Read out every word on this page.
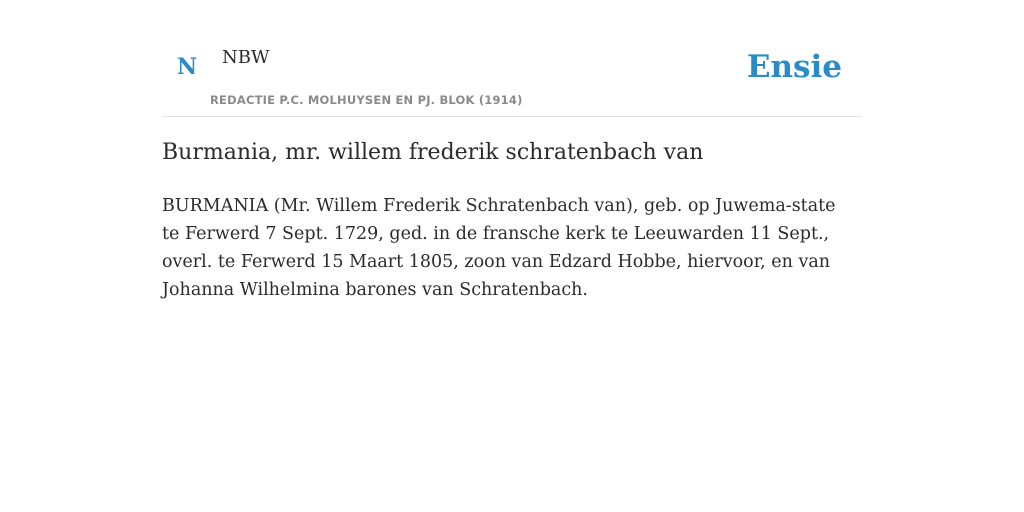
N NBW
REDACTIE P.C. MOLHUYSEN EN PJ. BLOK (1914)
Ensie
Burmania, mr. willem frederik schratenbach van

BURMANIA (Mr. Willem Frederik Schratenbach van), geb. op Juwema-state te Ferwerd 7 Sept. 1729, ged. in de fransche kerk te Leeuwarden 11 Sept., overl. te Ferwerd 15 Maart 1805, zoon van Edzard Hobbe, hiervoor, en van Johanna Wilhelmina barones van Schratenbach.
